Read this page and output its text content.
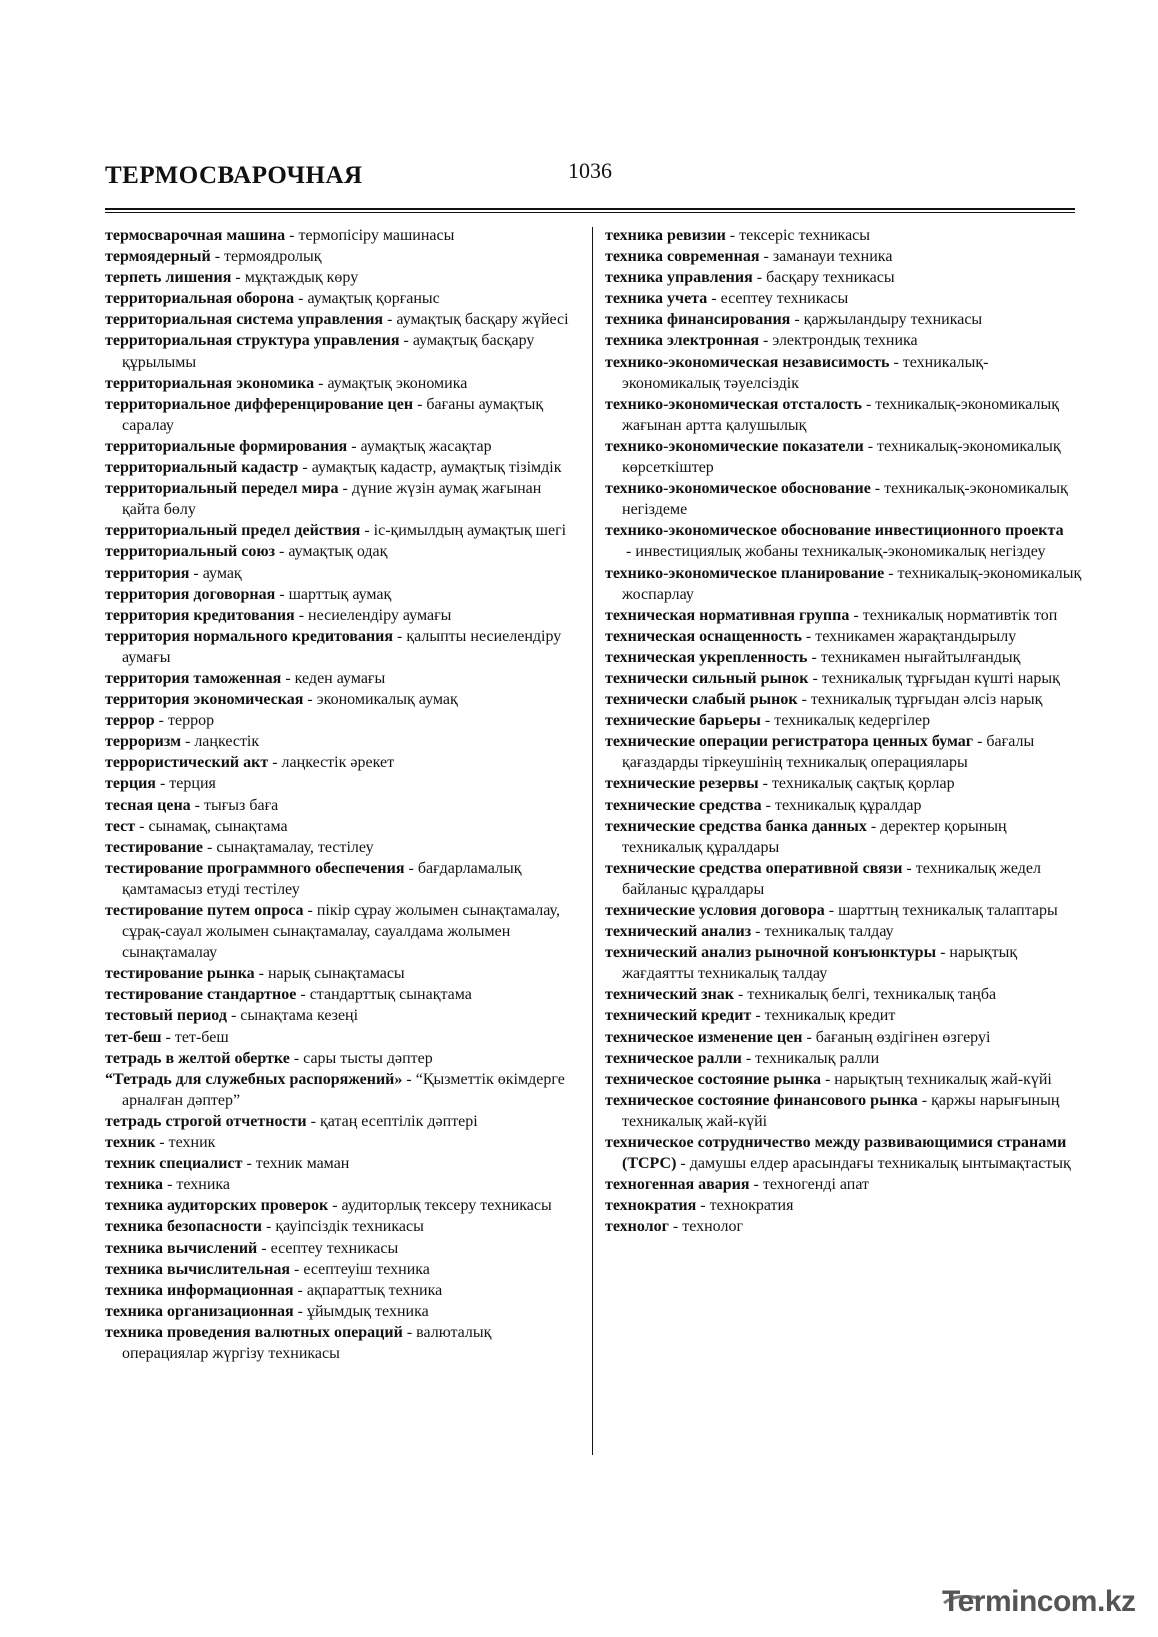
ТЕРМОСВАРОЧНАЯ	1036

термосварочная машина - термопісіру машинасы

термоядерный - термоядролық

терпеть лишения - мұқтаждық көру

территориальная оборона - аумақтық қорғаныс

территориальная система управления - аумақтық басқару жүйесі

территориальная структура управления - аумақтық басқару құрылымы

территориальная экономика - аумақтық экономика

территориальное дифференцирование цен - бағаны аумақтық саралау

территориальные формирования - аумақтық жасақтар

территориальный кадастр - аумақтық кадастр, аумақтық тізімдік

территориальный передел мира - дүние жүзін аумақ жағынан қайта бөлу

территориальный предел действия - іс-қимылдың аумақтық шегі

территориальный союз - аумақтық одақ

территория - аумақ

территория договорная - шарттық аумақ

территория кредитования - несиелендіру аумағы

территория нормального кредитования - қалыпты несиелендіру аумағы

территория таможенная - кеден аумағы

территория экономическая - экономикалық аумақ

террор - террор

терроризм - лаңкестік

террористический акт - лаңкестік әрекет

терция - терция

тесная цена - тығыз баға

тест - сынамақ, сынақтама

тестирование - сынақтамалау, тестілеу

тестирование программного обеспечения - бағдарламалық қамтамасыз етуді тестілеу

тестирование путем опроса - пікір сұрау жолымен сынақтамалау, сұрақ-сауал жолымен сынақтамалау, сауалдама жолымен сынақтамалау

тестирование рынка - нарық сынақтамасы

тестирование стандартное - стандарттық сынақтама

тестовый период - сынақтама кезеңі

тет-беш - тет-беш

тетрадь в желтой обертке - сары тысты дәптер

“Тетрадь для служебных распоряжений» - “Қызметтік өкімдерге арналған дәптер”

тетрадь строгой отчетности - қатаң есептілік дәптері

техник - техник

техник специалист - техник маман

техника - техника

техника аудиторских проверок - аудиторлық тексеру техникасы

техника безопасности - қауіпсіздік техникасы

техника вычислений - есептеу техникасы

техника вычислительная - есептеуіш техника

техника информационная - ақпараттық техника

техника организационная - ұйымдық техника

техника проведения валютных операций - валюталық операциялар жүргізу техникасы

техника ревизии - тексеріс техникасы

техника современная - заманауи техника

техника управления - басқару техникасы

техника учета - есептеу техникасы

техника финансирования - қаржыландыру техникасы

техника электронная - электрондық техника

технико-экономическая независимость - техникалық-экономикалық тәуелсіздік

технико-экономическая отсталость - техникалық-экономикалық жағынан артта қалушылық

технико-экономические показатели - техникалық-экономикалық көрсеткіштер

технико-экономическое обоснование - техникалық-экономикалық негіздеме

технико-экономическое обоснование инвестиционного проекта - инвестициялық жобаны техникалық-экономикалық негіздеу

технико-экономическое планирование - техникалық-экономикалық жоспарлау

техническая нормативная группа - техникалық нормативтік топ

техническая оснащенность - техникамен жарақтандырылу

техническая укрепленность - техникамен нығайтылғандық

технически сильный рынок - техникалық тұрғыдан күшті нарық

технически слабый рынок - техникалық тұрғыдан әлсіз нарық

технические барьеры - техникалық кедергілер

технические операции регистратора ценных бумаг - бағалы қағаздарды тіркеушінің техникалық операциялары

технические резервы - техникалық сақтық қорлар

технические средства - техникалық құралдар

технические средства банка данных - деректер қорының техникалық құралдары

технические средства оперативной связи - техникалық жедел байланыс құралдары

технические условия договора - шарттың техникалық талаптары

технический анализ - техникалық талдау

технический анализ рыночной конъюнктуры - нарықтық жағдаятты техникалық талдау

технический знак - техникалық белгі, техникалық таңба

технический кредит - техникалық кредит

техническое изменение цен - бағаның өздігінен өзгеруі

техническое ралли - техникалық ралли

техническое состояние рынка - нарықтың техникалық жай-күйі

техническое состояние финансового рынка - қаржы нарығының техникалық жай-күйі

техническое сотрудничество между развивающимися странами (ТСРС) - дамушы елдер арасындағы техникалық ынтымақтастық

техногенная авария - техногенді апат

технократия - технократия

технолог - технолог

Termincom.kz
